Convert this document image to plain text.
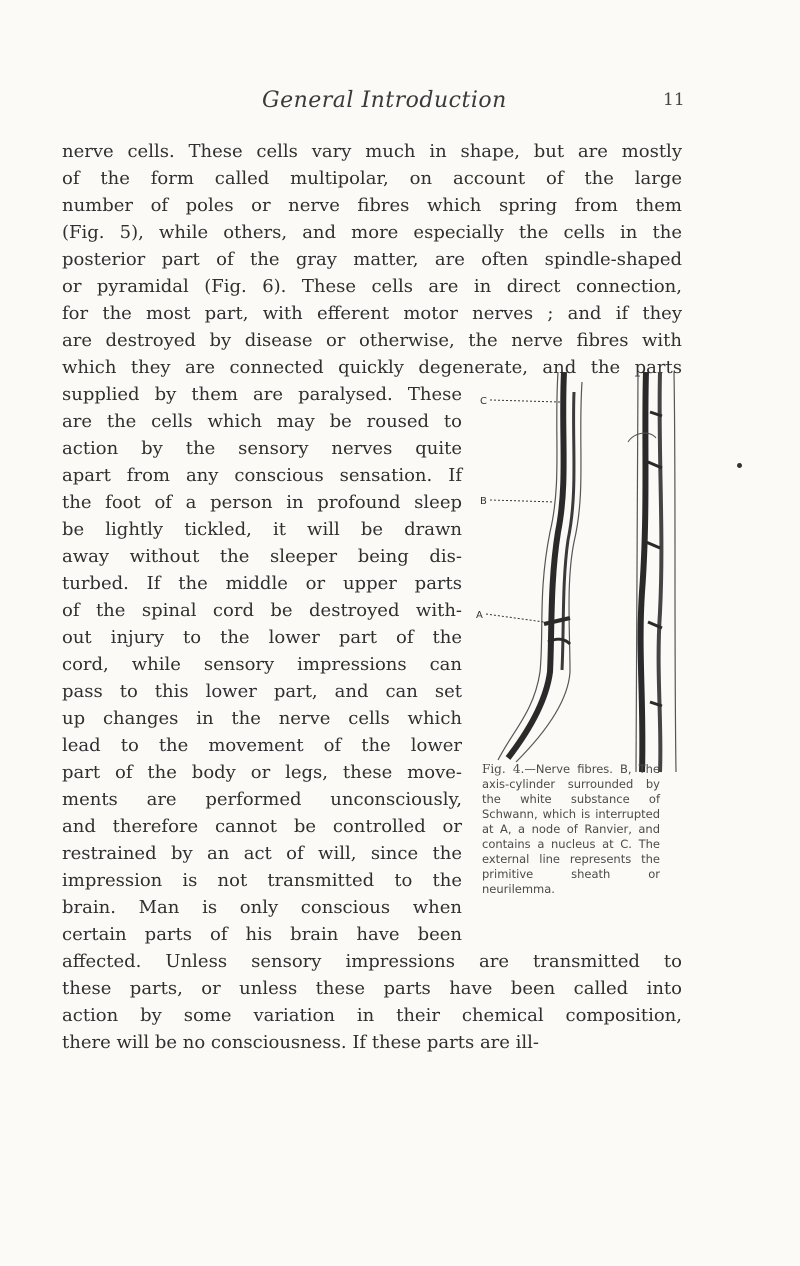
General Introduction	11
nerve cells. These cells vary much in shape, but are mostly
of the form called multipolar, on account of the large
number of poles or nerve fibres which spring from them
(Fig. 5), while others, and more especially the cells in the
posterior part of the gray matter, are often spindle-shaped
or pyramidal (Fig. 6). These cells are in direct connection,
for the most part, with efferent motor nerves ; and if they
are destroyed by disease or otherwise, the nerve fibres with
which they are connected quickly degenerate, and the parts
supplied by them are paralysed. These
are the cells which may be roused to
action by the sensory nerves quite
apart from any conscious sensation. If
the foot of a person in profound sleep
be lightly tickled, it will be drawn
away without the sleeper being dis-
turbed. If the middle or upper parts
of the spinal cord be destroyed with-
out injury to the lower part of the
cord, while sensory impressions can
pass to this lower part, and can set
up changes in the nerve cells which
lead to the movement of the lower
part of the body or legs, these move-
ments are performed unconsciously,
and therefore cannot be controlled or
restrained by an act of will, since the
impression is not transmitted to the
brain. Man is only conscious when
certain parts of his brain have been
affected. Unless sensory impressions are transmitted to
these parts, or unless these parts have been called into
action by some variation in their chemical composition,
there will be no consciousness. If these parts are ill-
C
B
A
Fig. 4.—Nerve fibres. B, The axis-cylinder surrounded by the white substance of Schwann, which is interrupted at A, a node of Ranvier, and contains a nucleus at C. The external line represents the primitive sheath or neurilemma.
